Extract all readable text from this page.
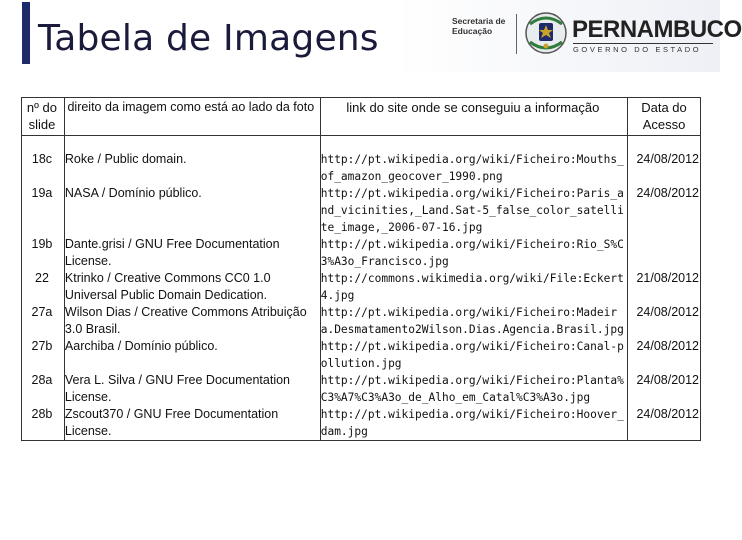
Tabela de Imagens	Secretaria de
Educação	PERNAMBUCO
GOVERNO DO ESTADO
nº do slide	direito da imagem como está ao lado da foto	link do site onde se conseguiu a informação	Data do Acesso
18c	Roke / Public domain.	http://pt.wikipedia.org/wiki/Ficheiro:Mouths_of_amazon_geocover_1990.png	24/08/2012
19a	NASA / Domínio público.	http://pt.wikipedia.org/wiki/Ficheiro:Paris_and_vicinities,_Land.Sat-5_false_color_satellite_image,_2006-07-16.jpg	24/08/2012
19b	Dante.grisi / GNU Free Documentation License.	http://pt.wikipedia.org/wiki/Ficheiro:Rio_S%C3%A3o_Francisco.jpg	
22	Ktrinko / Creative Commons CC0 1.0 Universal Public Domain Dedication.	http://commons.wikimedia.org/wiki/File:Eckert4.jpg	21/08/2012
27a	Wilson Dias / Creative Commons Atribuição 3.0 Brasil.	http://pt.wikipedia.org/wiki/Ficheiro:Madeira.Desmatamento2Wilson.Dias.Agencia.Brasil.jpg	24/08/2012
27b	Aarchiba / Domínio público.	http://pt.wikipedia.org/wiki/Ficheiro:Canal-pollution.jpg	24/08/2012
28a	Vera L. Silva / GNU Free Documentation License.	http://pt.wikipedia.org/wiki/Ficheiro:Planta%C3%A7%C3%A3o_de_Alho_em_Catal%C3%A3o.jpg	24/08/2012
28b	Zscout370 / GNU Free Documentation License.	http://pt.wikipedia.org/wiki/Ficheiro:Hoover_dam.jpg	24/08/2012
